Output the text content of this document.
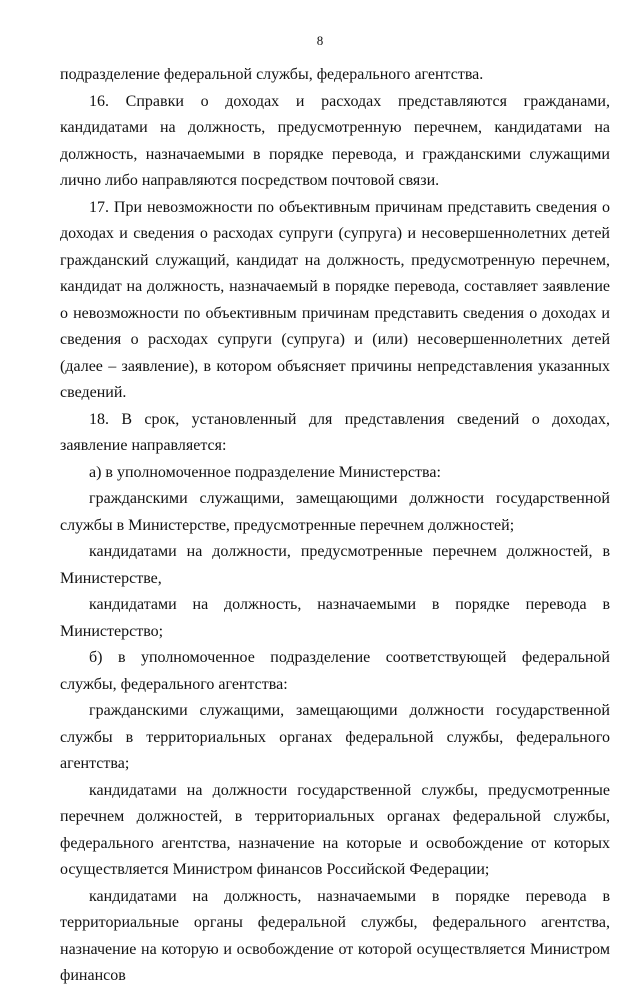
8

подразделение федеральной службы, федерального агентства.

16. Справки о доходах и расходах представляются гражданами, кандидатами на должность, предусмотренную перечнем, кандидатами на должность, назначаемыми в порядке перевода, и гражданскими служащими лично либо направляются посредством почтовой связи.

17. При невозможности по объективным причинам представить сведения о доходах и сведения о расходах супруги (супруга) и несовершеннолетних детей гражданский служащий, кандидат на должность, предусмотренную перечнем, кандидат на должность, назначаемый в порядке перевода, составляет заявление о невозможности по объективным причинам представить сведения о доходах и сведения о расходах супруги (супруга) и (или) несовершеннолетних детей (далее – заявление), в котором объясняет причины непредставления указанных сведений.

18. В срок, установленный для представления сведений о доходах, заявление направляется:

а) в уполномоченное подразделение Министерства:

гражданскими служащими, замещающими должности государственной службы в Министерстве, предусмотренные перечнем должностей;

кандидатами на должности, предусмотренные перечнем должностей, в Министерстве,

кандидатами на должность, назначаемыми в порядке перевода в Министерство;

б) в уполномоченное подразделение соответствующей федеральной службы, федерального агентства:

гражданскими служащими, замещающими должности государственной службы в территориальных органах федеральной службы, федерального агентства;

кандидатами на должности государственной службы, предусмотренные перечнем должностей, в территориальных органах федеральной службы, федерального агентства, назначение на которые и освобождение от которых осуществляется Министром финансов Российской Федерации;

кандидатами на должность, назначаемыми в порядке перевода в территориальные органы федеральной службы, федерального агентства, назначение на которую и освобождение от которой осуществляется Министром финансов
